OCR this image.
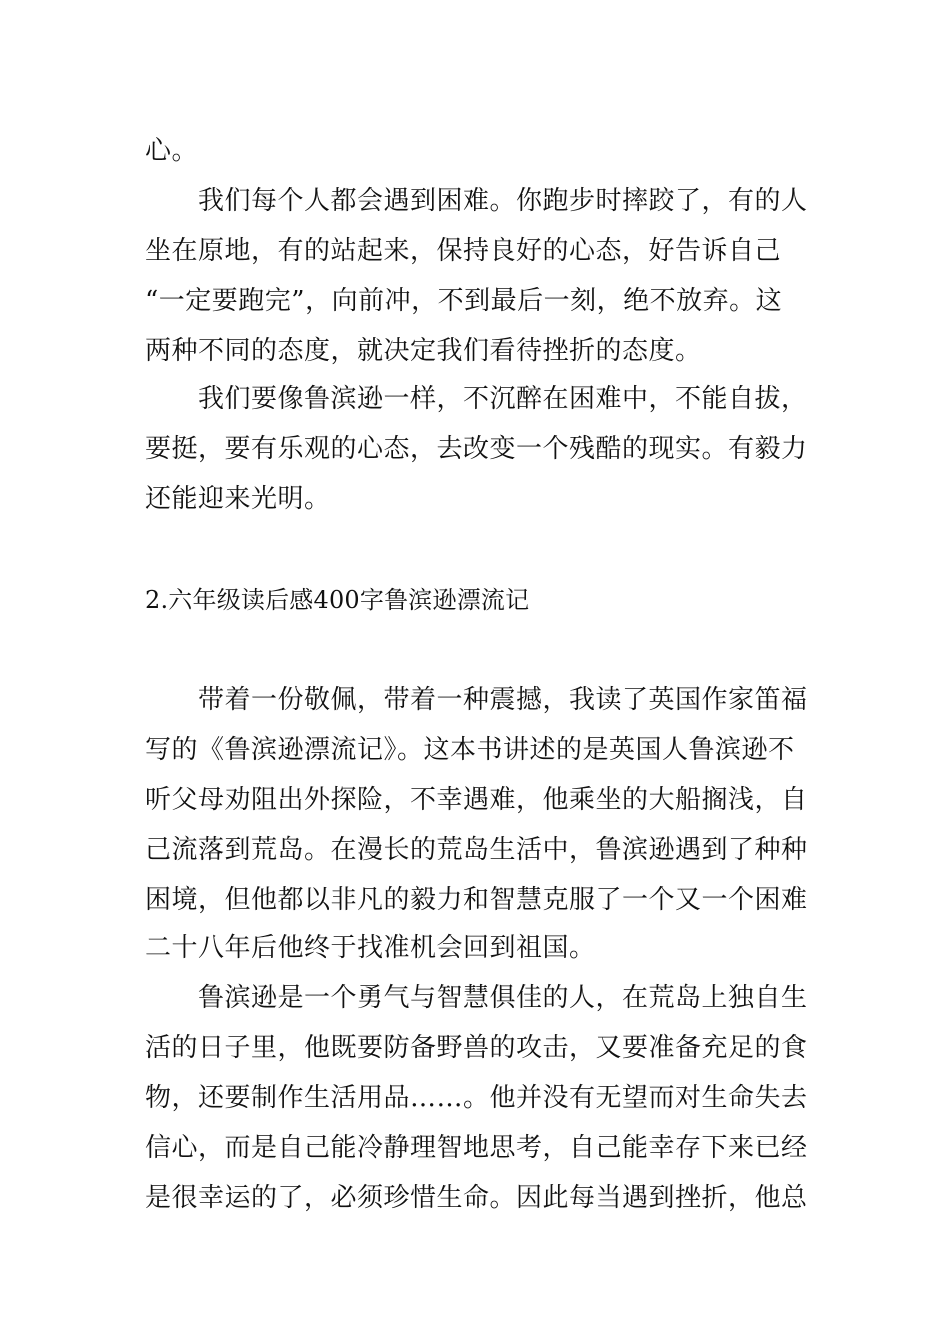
心。
　　我们每个人都会遇到困难。你跑步时摔跤了，有的人
坐在原地，有的站起来，保持良好的心态，好告诉自己
“一定要跑完”，向前冲，不到最后一刻，绝不放弃。这
两种不同的态度，就决定我们看待挫折的态度。
　　我们要像鲁滨逊一样，不沉醉在困难中，不能自拔，
要挺，要有乐观的心态，去改变一个残酷的现实。有毅力
还能迎来光明。
2.六年级读后感400字鲁滨逊漂流记
　　带着一份敬佩，带着一种震撼，我读了英国作家笛福
写的《鲁滨逊漂流记》。这本书讲述的是英国人鲁滨逊不
听父母劝阻出外探险，不幸遇难，他乘坐的大船搁浅，自
己流落到荒岛。在漫长的荒岛生活中，鲁滨逊遇到了种种
困境，但他都以非凡的毅力和智慧克服了一个又一个困难
二十八年后他终于找准机会回到祖国。
　　鲁滨逊是一个勇气与智慧俱佳的人，在荒岛上独自生
活的日子里，他既要防备野兽的攻击，又要准备充足的食
物，还要制作生活用品……。他并没有无望而对生命失去
信心，而是自己能冷静理智地思考，自己能幸存下来已经
是很幸运的了，必须珍惜生命。因此每当遇到挫折，他总
